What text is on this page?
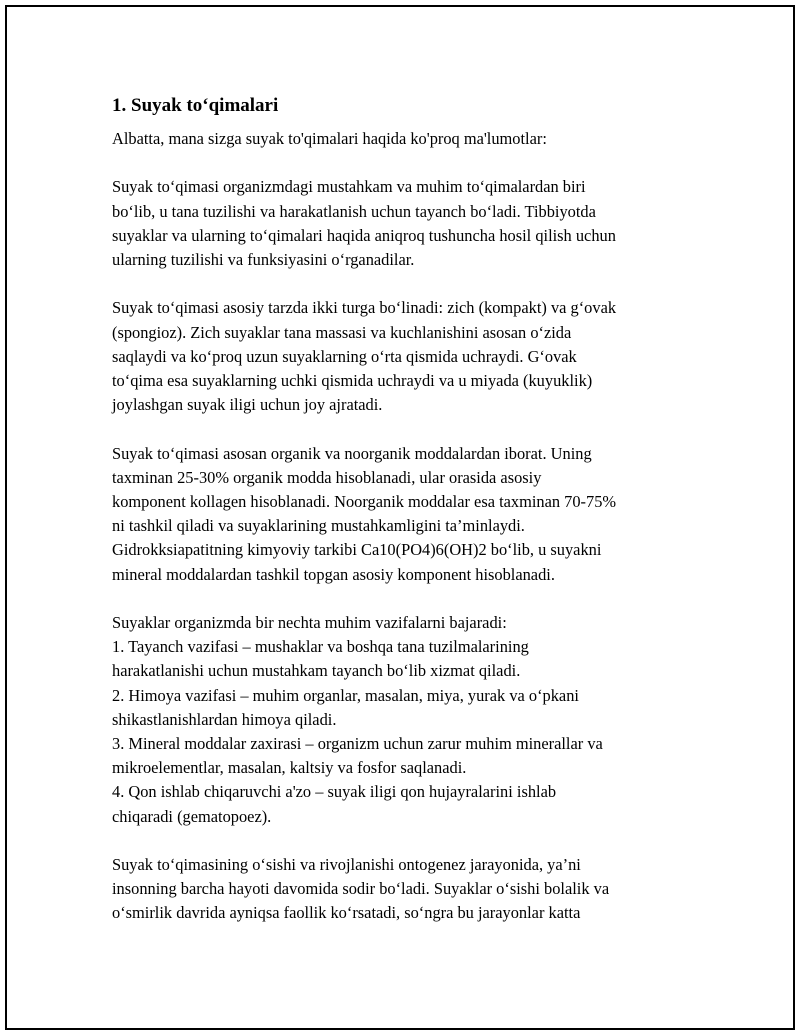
1. Suyak to‘qimalari

Albatta, mana sizga suyak to'qimalari haqida ko'proq ma'lumotlar:

Suyak to‘qimasi organizmdagi mustahkam va muhim to‘qimalardan biri
bo‘lib, u tana tuzilishi va harakatlanish uchun tayanch bo‘ladi. Tibbiyotda
suyaklar va ularning to‘qimalari haqida aniqroq tushuncha hosil qilish uchun
ularning tuzilishi va funksiyasini o‘rganadilar.

Suyak to‘qimasi asosiy tarzda ikki turga bo‘linadi: zich (kompakt) va g‘ovak
(spongioz). Zich suyaklar tana massasi va kuchlanishini asosan o‘zida
saqlaydi va ko‘proq uzun suyaklarning o‘rta qismida uchraydi. G‘ovak
to‘qima esa suyaklarning uchki qismida uchraydi va u miyada (kuyuklik)
joylashgan suyak iligi uchun joy ajratadi.

Suyak to‘qimasi asosan organik va noorganik moddalardan iborat. Uning
taxminan 25-30% organik modda hisoblanadi, ular orasida asosiy
komponent kollagen hisoblanadi. Noorganik moddalar esa taxminan 70-75%
ni tashkil qiladi va suyaklarining mustahkamligini ta’minlaydi.
Gidrokksiapatitning kimyoviy tarkibi Ca10(PO4)6(OH)2 bo‘lib, u suyakni
mineral moddalardan tashkil topgan asosiy komponent hisoblanadi.

Suyaklar organizmda bir nechta muhim vazifalarni bajaradi:
1. Tayanch vazifasi – mushaklar va boshqa tana tuzilmalarining
harakatlanishi uchun mustahkam tayanch bo‘lib xizmat qiladi.
2. Himoya vazifasi – muhim organlar, masalan, miya, yurak va o‘pkani
shikastlanishlardan himoya qiladi.
3. Mineral moddalar zaxirasi – organizm uchun zarur muhim minerallar va
mikroelementlar, masalan, kaltsiy va fosfor saqlanadi.
4. Qon ishlab chiqaruvchi a'zo – suyak iligi qon hujayralarini ishlab
chiqaradi (gematopoez).

Suyak to‘qimasining o‘sishi va rivojlanishi ontogenez jarayonida, ya’ni
insonning barcha hayoti davomida sodir bo‘ladi. Suyaklar o‘sishi bolalik va
o‘smirlik davrida ayniqsa faollik ko‘rsatadi, so‘ngra bu jarayonlar katta
